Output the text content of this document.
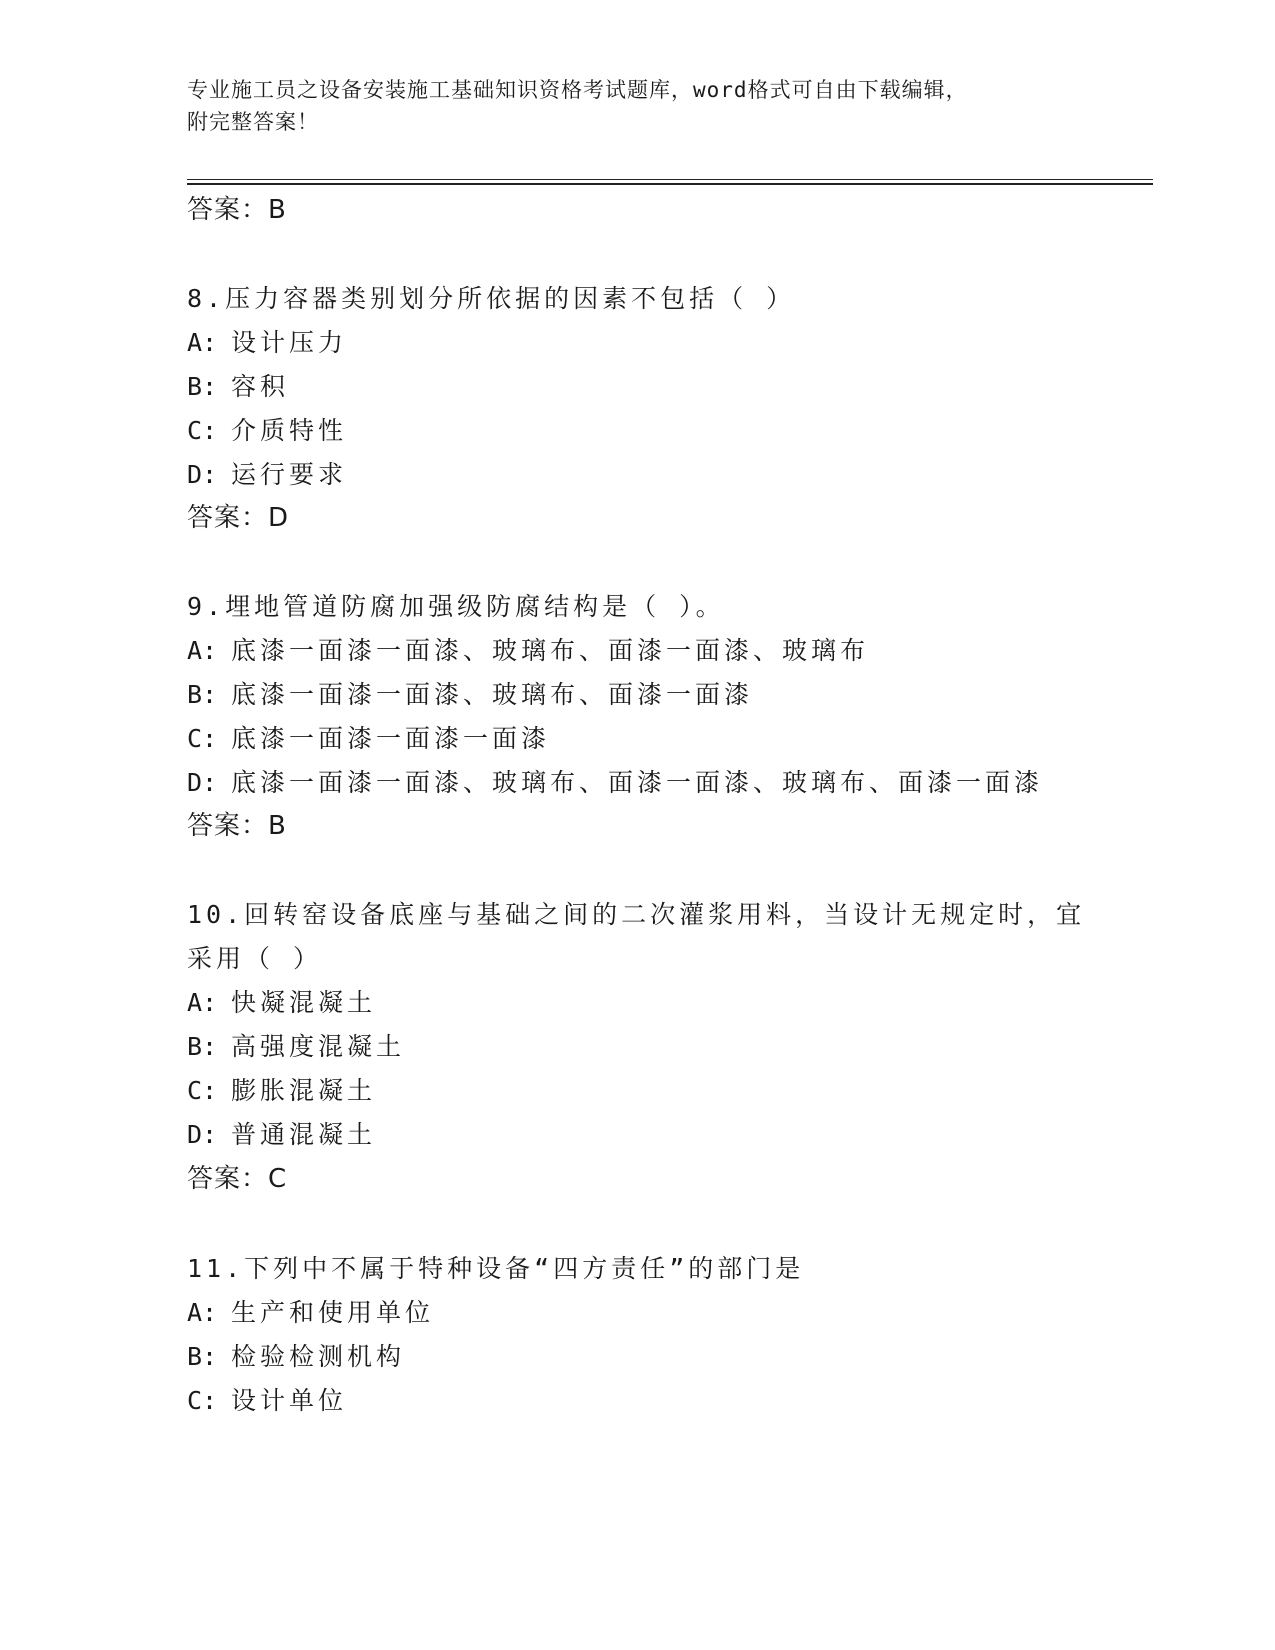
专业施工员之设备安装施工基础知识资格考试题库，word格式可自由下载编辑，
附完整答案！
答案：B
8.压力容器类别划分所依据的因素不包括（ ）
A: 设计压力
B: 容积
C: 介质特性
D: 运行要求
答案：D
9.埋地管道防腐加强级防腐结构是（ ）。
A: 底漆一面漆一面漆、玻璃布、面漆一面漆、玻璃布
B: 底漆一面漆一面漆、玻璃布、面漆一面漆
C: 底漆一面漆一面漆一面漆
D: 底漆一面漆一面漆、玻璃布、面漆一面漆、玻璃布、面漆一面漆
答案：B
10.回转窑设备底座与基础之间的二次灌浆用料，当设计无规定时，宜
采用（ ）
A: 快凝混凝土
B: 高强度混凝土
C: 膨胀混凝土
D: 普通混凝土
答案：C
11.下列中不属于特种设备“四方责任”的部门是
A: 生产和使用单位
B: 检验检测机构
C: 设计单位
